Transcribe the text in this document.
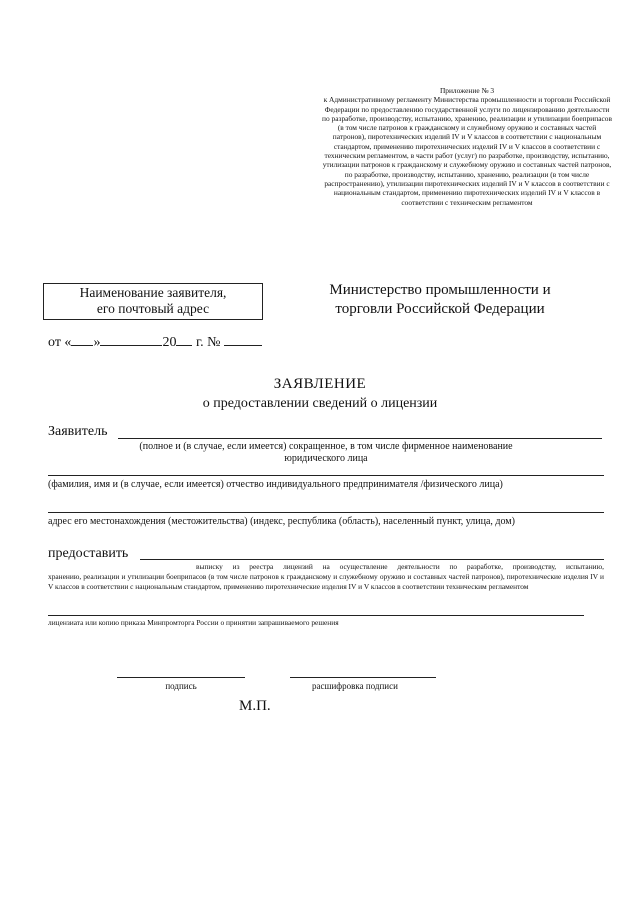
Приложение № 3
к Административному регламенту Министерства промышленности и торговли Российской Федерации по предоставлению государственной услуги по лицензированию деятельности по разработке, производству, испытанию, хранению, реализации и утилизации боеприпасов (в том числе патронов к гражданскому и служебному оружию и составных частей патронов), пиротехнических изделий IV и V классов в соответствии с национальным стандартом, применению пиротехнических изделий IV и V классов в соответствии с техническим регламентом, в части работ (услуг) по разработке, производству, испытанию, утилизации патронов к гражданскому и служебному оружию и составных частей патронов, по разработке, производству, испытанию, хранению, реализации (в том числе распространению), утилизации пиротехнических изделий IV и V классов в соответствии с национальным стандартом, применению пиротехнических изделий IV и V классов в соответствии с техническим регламентом
Наименование заявителя,
его почтовый адрес
Министерство промышленности и
торговли Российской Федерации
от « »	20 г. №
ЗАЯВЛЕНИЕ
о предоставлении сведений о лицензии
Заявитель
(полное и (в случае, если имеется) сокращенное, в том числе фирменное наименование
юридического лица
(фамилия, имя и (в случае, если имеется) отчество индивидуального предпринимателя /физического лица)
адрес его местонахождения (местожительства) (индекс, республика (область), населенный пункт, улица, дом)
предоставить
выписку из реестра лицензий на осуществление деятельности по разработке, производству, испытанию,
хранению, реализации и утилизации боеприпасов (в том числе патронов к гражданскому и служебному оружию и составных частей патронов), пиротехнические изделия IV и V классов в соответствии с национальным стандартом, применению пиротехнические изделия IV и V классов в соответствии техническим регламентом
лицензиата или копию приказа Минпромторга России о принятии запрашиваемого решения
подпись	расшифровка подписи
М.П.
